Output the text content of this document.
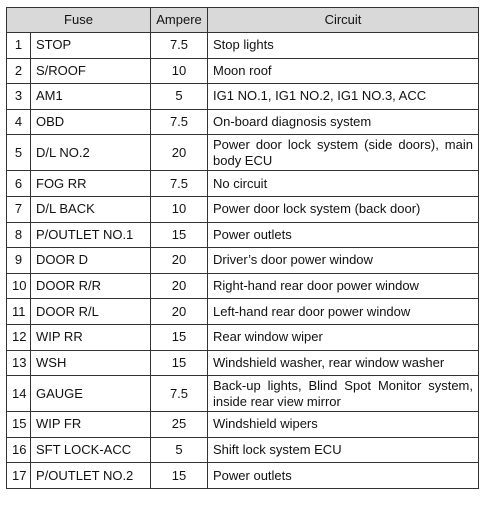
Fuse		Ampere	Circuit
1	STOP	7.5	Stop lights
2	S/ROOF	10	Moon roof
3	AM1	5	IG1 NO.1, IG1 NO.2, IG1 NO.3, ACC
4	OBD	7.5	On-board diagnosis system
5	D/L NO.2	20	Power door lock system (side doors), main body ECU
6	FOG RR	7.5	No circuit
7	D/L BACK	10	Power door lock system (back door)
8	P/OUTLET NO.1	15	Power outlets
9	DOOR D	20	Driver’s door power window
10	DOOR R/R	20	Right-hand rear door power window
11	DOOR R/L	20	Left-hand rear door power window
12	WIP RR	15	Rear window wiper
13	WSH	15	Windshield washer, rear window washer
14	GAUGE	7.5	Back-up lights, Blind Spot Monitor system, inside rear view mirror
15	WIP FR	25	Windshield wipers
16	SFT LOCK-ACC	5	Shift lock system ECU
17	P/OUTLET NO.2	15	Power outlets
